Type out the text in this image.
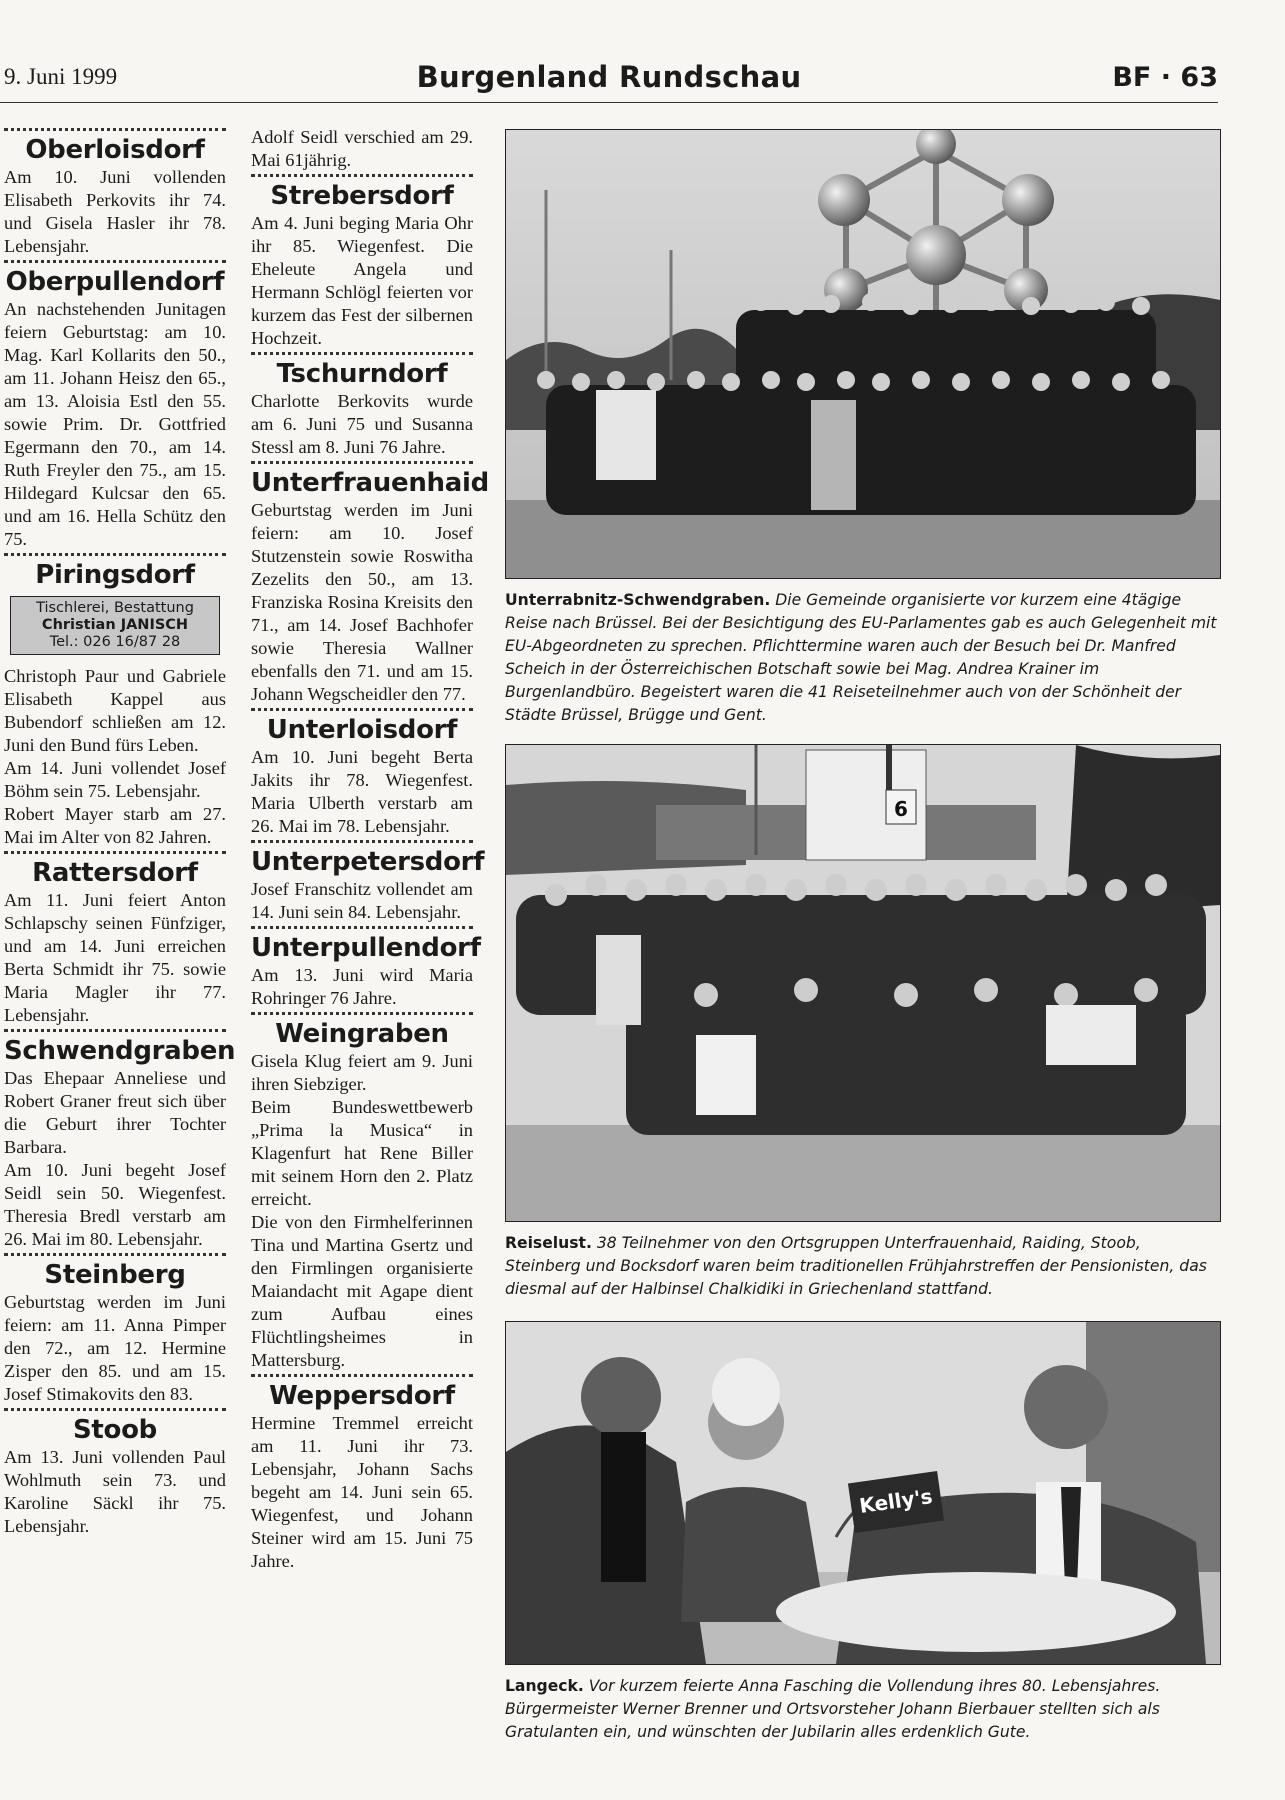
9. Juni 1999	Burgenland Rundschau	BF · 63
Oberloisdorf

Am 10. Juni vollenden Elisabeth Perkovits ihr 74. und Gisela Hasler ihr 78. Lebensjahr.

Oberpullendorf

An nachstehenden Junitagen feiern Geburtstag: am 10. Mag. Karl Kollarits den 50., am 11. Johann Heisz den 65., am 13. Aloisia Estl den 55. sowie Prim. Dr. Gottfried Egermann den 70., am 14. Ruth Freyler den 75., am 15. Hildegard Kulcsar den 65. und am 16. Hella Schütz den 75.

Piringsdorf
Tischlerei, Bestattung
Christian JANISCH
Tel.: 026 16/87 28

Christoph Paur und Gabriele Elisabeth Kappel aus Bubendorf schließen am 12. Juni den Bund fürs Leben.

Am 14. Juni vollendet Josef Böhm sein 75. Lebensjahr.

Robert Mayer starb am 27. Mai im Alter von 82 Jahren.

Rattersdorf

Am 11. Juni feiert Anton Schlapschy seinen Fünfziger, und am 14. Juni erreichen Berta Schmidt ihr 75. sowie Maria Magler ihr 77. Lebensjahr.

Schwendgraben

Das Ehepaar Anneliese und Robert Graner freut sich über die Geburt ihrer Tochter Barbara.

Am 10. Juni begeht Josef Seidl sein 50. Wiegenfest. Theresia Bredl verstarb am 26. Mai im 80. Lebensjahr.

Steinberg

Geburtstag werden im Juni feiern: am 11. Anna Pimper den 72., am 12. Hermine Zisper den 85. und am 15. Josef Stimakovits den 83.

Stoob

Am 13. Juni vollenden Paul Wohlmuth sein 73. und Karoline Säckl ihr 75. Lebensjahr.

Adolf Seidl verschied am 29. Mai 61jährig.

Strebersdorf

Am 4. Juni beging Maria Ohr ihr 85. Wiegenfest. Die Eheleute Angela und Hermann Schlögl feierten vor kurzem das Fest der silbernen Hochzeit.

Tschurndorf

Charlotte Berkovits wurde am 6. Juni 75 und Susanna Stessl am 8. Juni 76 Jahre.

Unterfrauenhaid

Geburtstag werden im Juni feiern: am 10. Josef Stutzenstein sowie Roswitha Zezelits den 50., am 13. Franziska Rosina Kreisits den 71., am 14. Josef Bachhofer sowie Theresia Wallner ebenfalls den 71. und am 15. Johann Wegscheidler den 77.

Unterloisdorf

Am 10. Juni begeht Berta Jakits ihr 78. Wiegenfest. Maria Ulberth verstarb am 26. Mai im 78. Lebensjahr.

Unterpetersdorf

Josef Franschitz vollendet am 14. Juni sein 84. Lebensjahr.

Unterpullendorf

Am 13. Juni wird Maria Rohringer 76 Jahre.

Weingraben

Gisela Klug feiert am 9. Juni ihren Siebziger.

Beim Bundeswettbewerb „Prima la Musica“ in Klagenfurt hat Rene Biller mit seinem Horn den 2. Platz erreicht.

Die von den Firmhelferinnen Tina und Martina Gsertz und den Firmlingen organisierte Maiandacht mit Agape dient zum Aufbau eines Flüchtlingsheimes in Mattersburg.

Weppersdorf

Hermine Tremmel erreicht am 11. Juni ihr 73. Lebensjahr, Johann Sachs begeht am 14. Juni sein 65. Wiegenfest, und Johann Steiner wird am 15. Juni 75 Jahre.

Unterrabnitz-Schwendgraben. Die Gemeinde organisierte vor kurzem eine 4tägige Reise nach Brüssel. Bei der Besichtigung des EU-Parlamentes gab es auch Gelegenheit mit EU-Abgeordneten zu sprechen. Pflichttermine waren auch der Besuch bei Dr. Manfred Scheich in der Österreichischen Botschaft sowie bei Mag. Andrea Krainer im Burgenlandbüro. Begeistert waren die 41 Reiseteilnehmer auch von der Schönheit der Städte Brüssel, Brügge und Gent.
6
Reiselust. 38 Teilnehmer von den Ortsgruppen Unterfrauenhaid, Raiding, Stoob, Steinberg und Bocksdorf waren beim traditionellen Frühjahrstreffen der Pensionisten, das diesmal auf der Halbinsel Chalkidiki in Griechenland stattfand.
Kelly's
Langeck. Vor kurzem feierte Anna Fasching die Vollendung ihres 80. Lebensjahres. Bürgermeister Werner Brenner und Ortsvorsteher Johann Bierbauer stellten sich als Gratulanten ein, und wünschten der Jubilarin alles erdenklich Gute.
